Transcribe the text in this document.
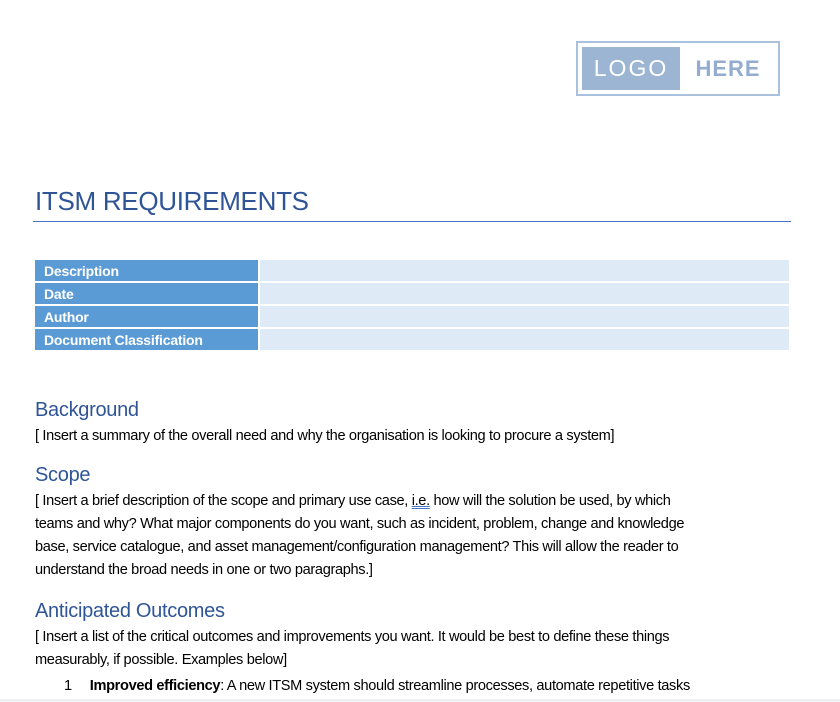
LOGO	HERE
ITSM REQUIREMENTS
Description	
Date	
Author	
Document Classification	
Background
[ Insert a summary of the overall need and why the organisation is looking to procure a system]
Scope
[ Insert a brief description of the scope and primary use case, i.e. how will the solution be used, by which
teams and why? What major components do you want, such as incident, problem, change and knowledge
base, service catalogue, and asset management/configuration management? This will allow the reader to
understand the broad needs in one or two paragraphs.]
Anticipated Outcomes
[ Insert a list of the critical outcomes and improvements you want. It would be best to define these things
measurably, if possible. Examples below]
1 Improved efficiency: A new ITSM system should streamline processes, automate repetitive tasks
